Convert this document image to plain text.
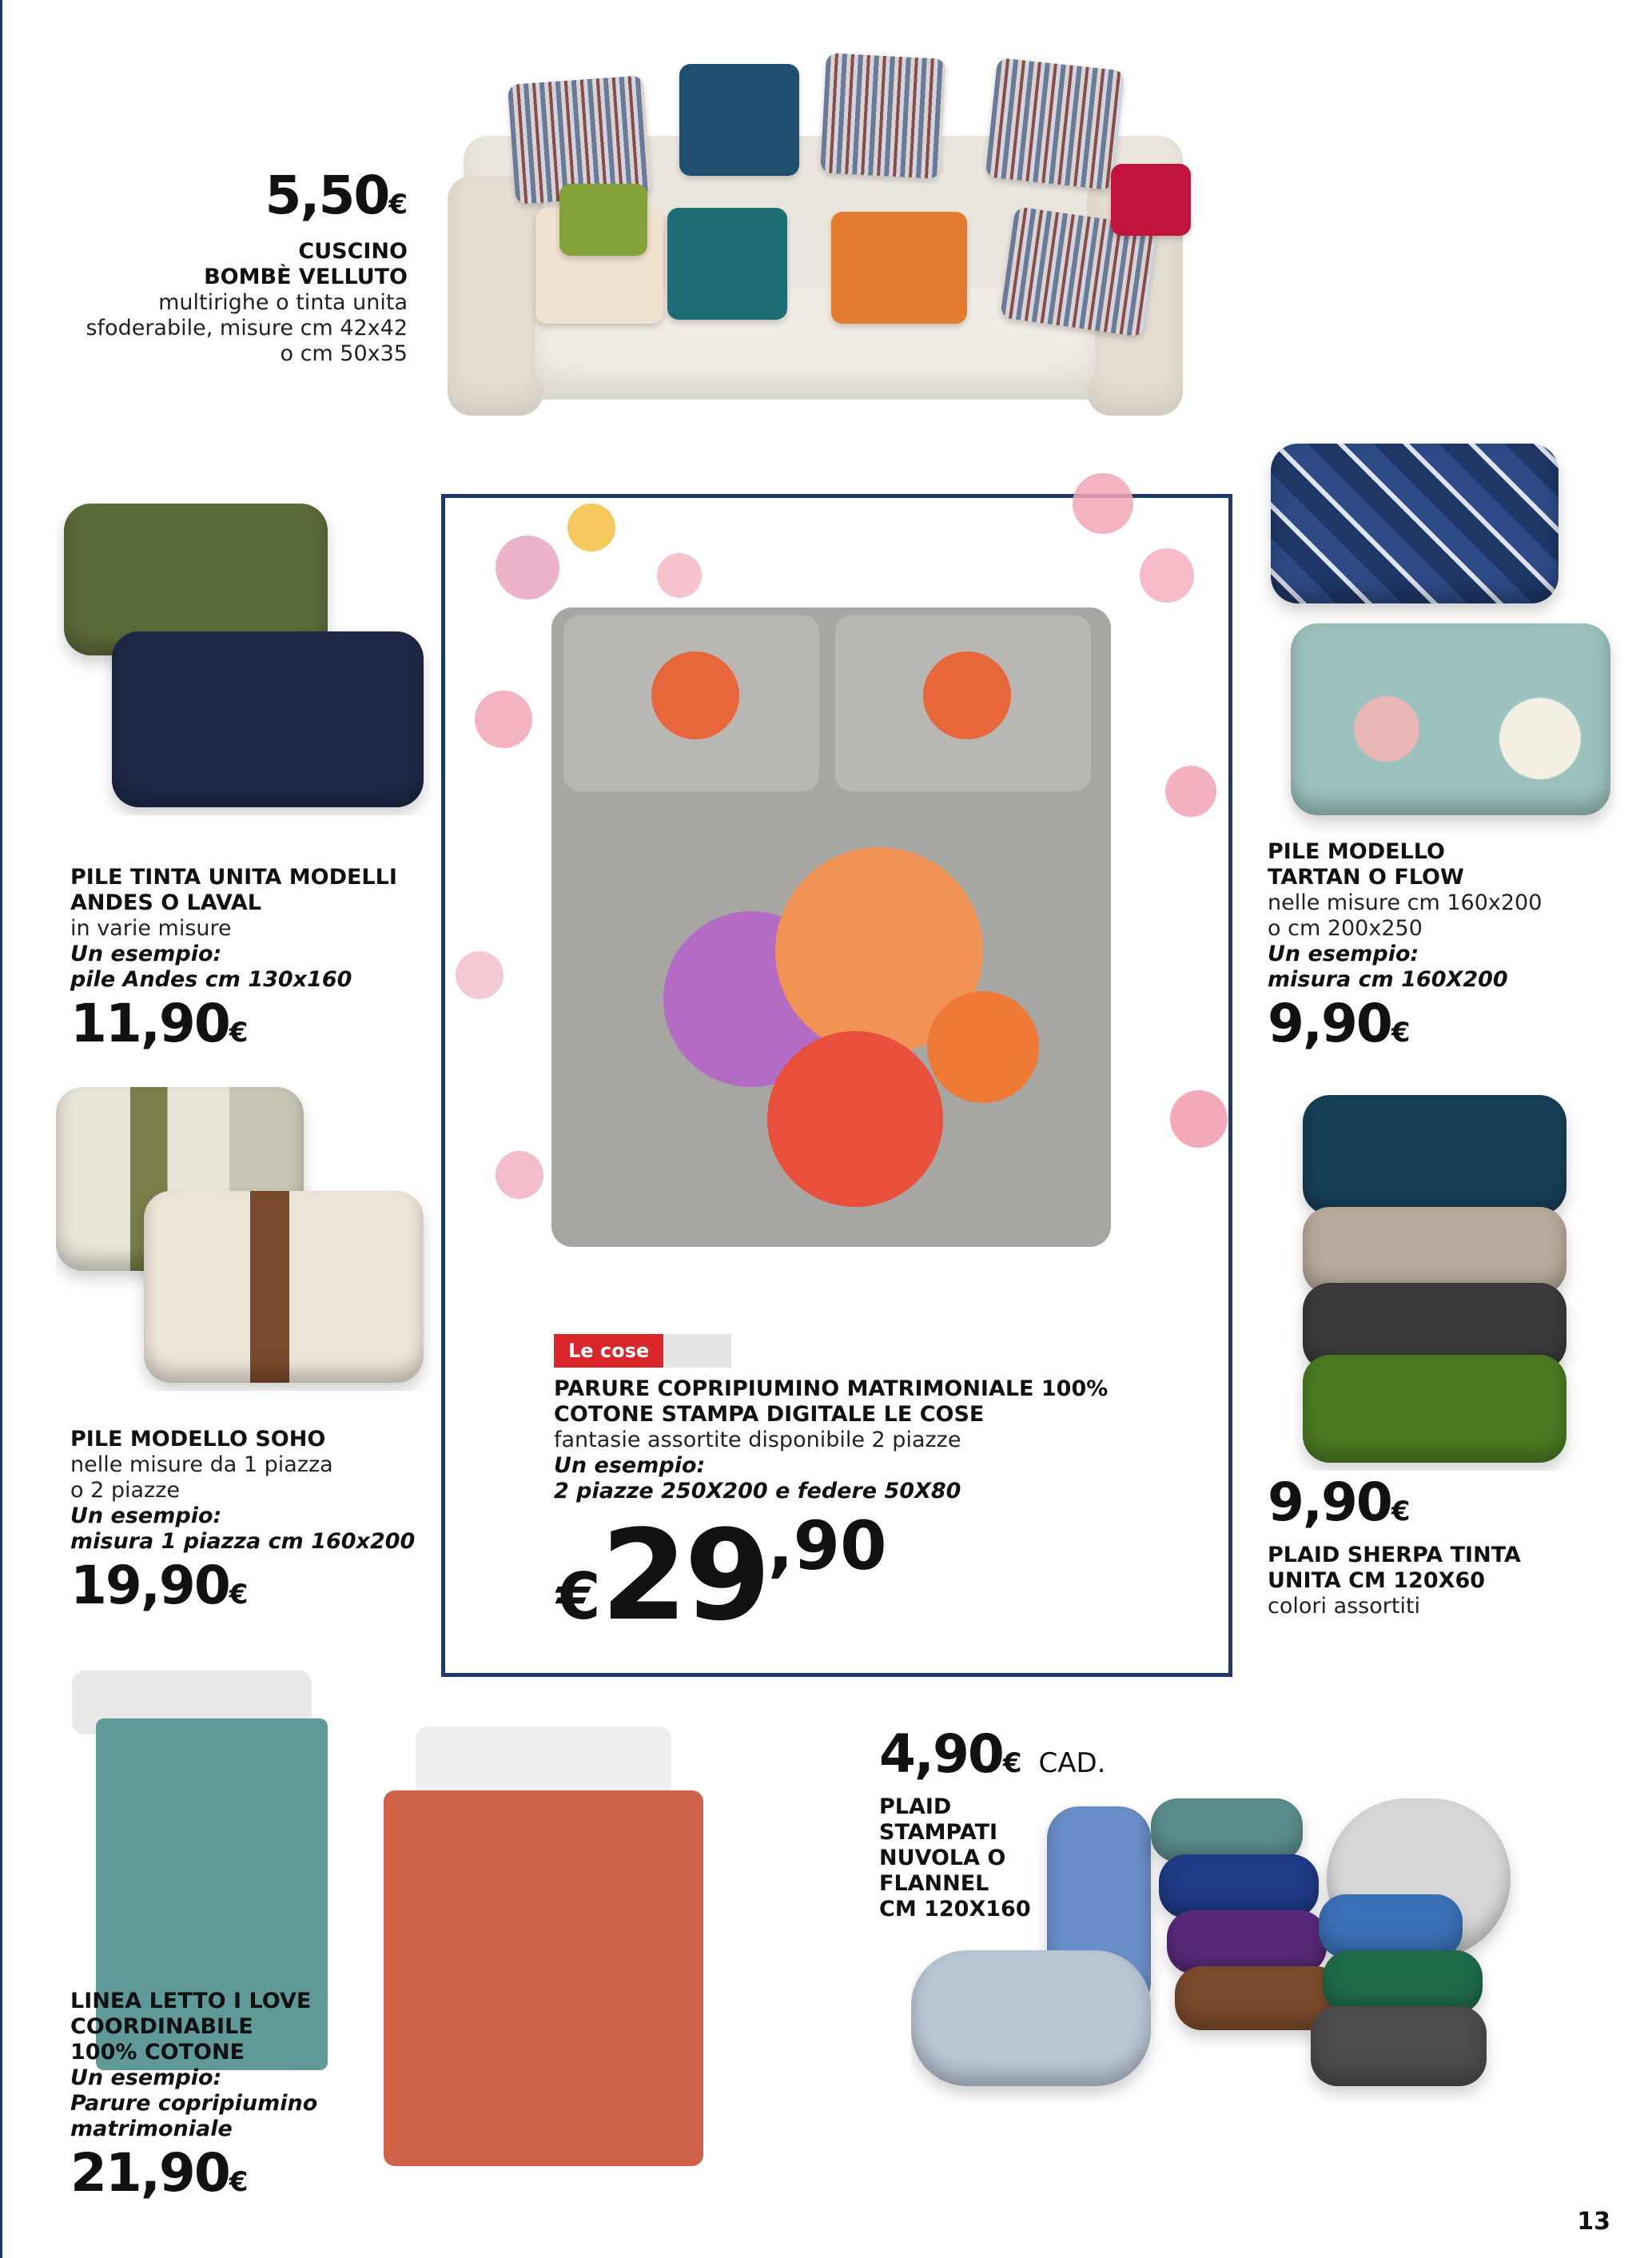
5,50€
CUSCINO
BOMBÈ VELLUTO
multirighe o tinta unita
sfoderabile, misure cm 42x42
o cm 50x35
PILE TINTA UNITA MODELLI
ANDES O LAVAL
in varie misure
Un esempio:
pile Andes cm 130x160
11,90€
PILE MODELLO SOHO
nelle misure da 1 piazza
o 2 piazze
Un esempio:
misura 1 piazza cm 160x200
19,90€
LINEA LETTO I LOVE
COORDINABILE
100% COTONE
Un esempio:
Parure copripiumino
matrimoniale
21,90€
Le cose
PARURE COPRIPIUMINO MATRIMONIALE 100%
COTONE STAMPA DIGITALE LE COSE
fantasie assortite disponibile 2 piazze
Un esempio:
2 piazze 250X200 e federe 50X80
€29,90
PILE MODELLO
TARTAN O FLOW
nelle misure cm 160x200
o cm 200x250
Un esempio:
misura cm 160X200
9,90€
9,90€
PLAID SHERPA TINTA
UNITA CM 120X60
colori assortiti
4,90€ CAD.
PLAID
STAMPATI
NUVOLA O
FLANNEL
CM 120X160
13
